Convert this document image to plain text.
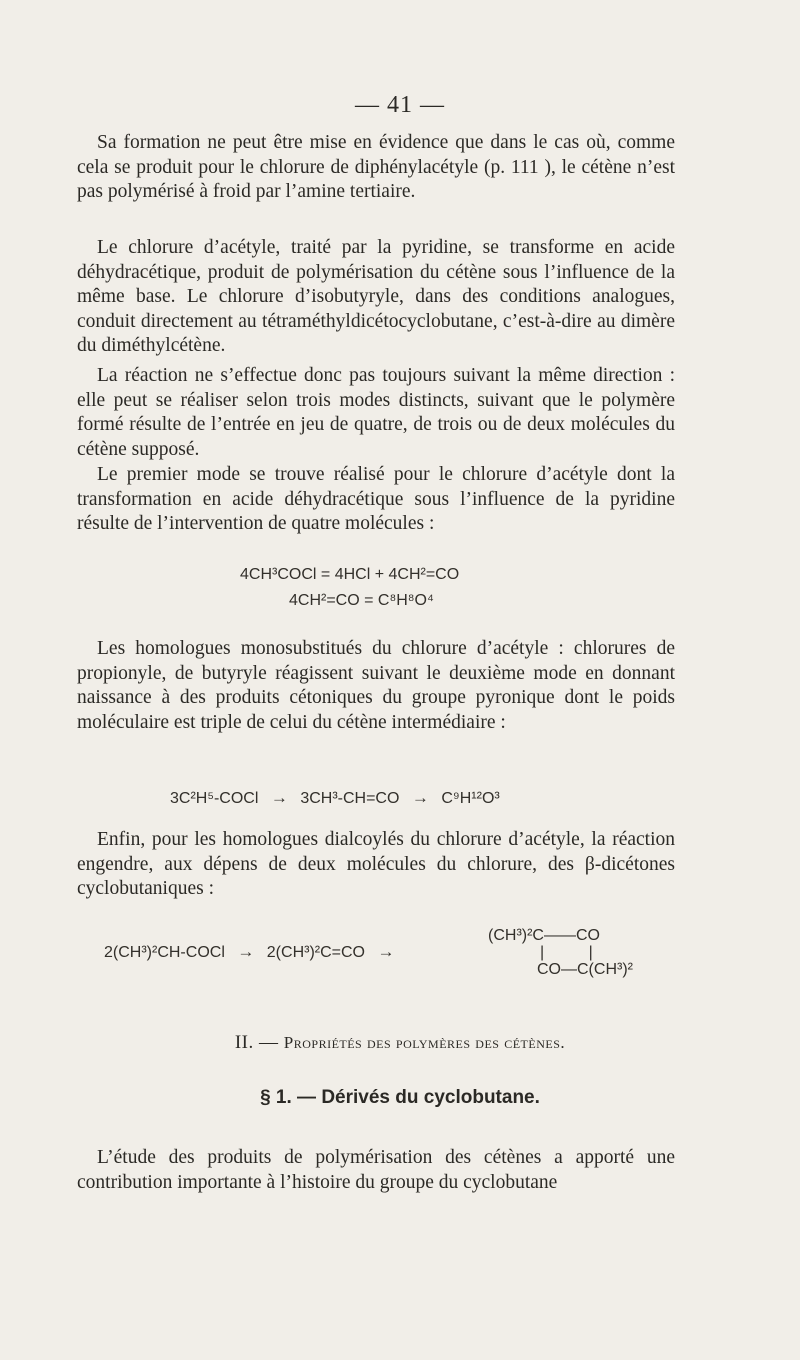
— 41 —

Sa formation ne peut être mise en évidence que dans le cas où, comme cela se produit pour le chlorure de diphénylacétyle (p. 111 ), le cétène n’est pas polymérisé à froid par l’amine tertiaire.

Le chlorure d’acétyle, traité par la pyridine, se transforme en acide déhydracétique, produit de polymérisation du cétène sous l’influence de la même base. Le chlorure d’isobutyryle, dans des conditions analogues, conduit directement au tétraméthyldicétocyclobutane, c’est-à-dire au dimère du diméthylcétène.

La réaction ne s’effectue donc pas toujours suivant la même direction : elle peut se réaliser selon trois modes distincts, suivant que le polymère formé résulte de l’entrée en jeu de quatre, de trois ou de deux molécules du cétène supposé.

Le premier mode se trouve réalisé pour le chlorure d’acétyle dont la transformation en acide déhydracétique sous l’influence de la pyridine résulte de l’intervention de quatre molécules :

4CH³COCl = 4HCl + 4CH²=CO
4CH²=CO = C⁸H⁸O⁴

Les homologues monosubstitués du chlorure d’acétyle : chlorures de propionyle, de butyryle réagissent suivant le deuxième mode en donnant naissance à des produits cétoniques du groupe pyronique dont le poids moléculaire est triple de celui du cétène intermédiaire :

3C²H⁵-COCl → 3CH³-CH=CO → C⁹H¹²O³

Enfin, pour les homologues dialcoylés du chlorure d’acétyle, la réaction engendre, aux dépens de deux molécules du chlorure, des β-dicétones cyclobutaniques :

2(CH³)²CH-COCl → 2(CH³)²C=CO →
(CH³)²C——CO
|          |
CO—C(CH³)²
II. — Propriétés des polymères des cétènes.
§ 1. — Dérivés du cyclobutane.

L’étude des produits de polymérisation des cétènes a apporté une contribution importante à l’histoire du groupe du cyclobutane
